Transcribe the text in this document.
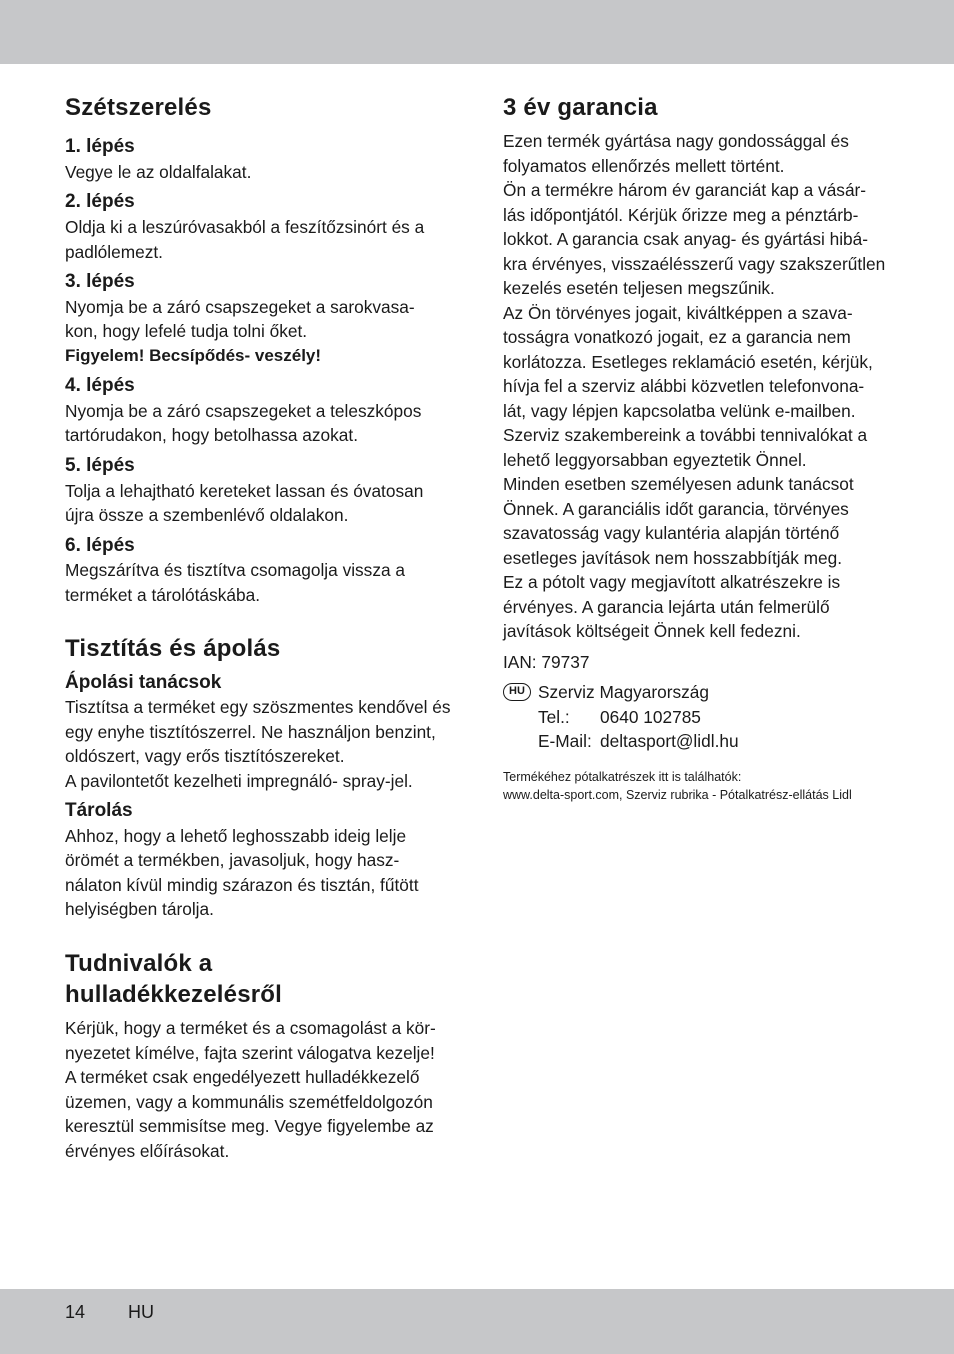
Szétszerelés
1. lépés

Vegye le az oldalfalakat.

2. lépés

Oldja ki a leszúróvasakból a feszítőzsinórt és a

padlólemezt.

3. lépés

Nyomja be a záró csapszegeket a sarokvasa-

kon, hogy lefelé tudja tolni őket.

Figyelem! Becsípődés- veszély!

4. lépés

Nyomja be a záró csapszegeket a teleszkópos

tartórudakon, hogy betolhassa azokat.

5. lépés

Tolja a lehajtható kereteket lassan és óvatosan

újra össze a szembenlévő oldalakon.

6. lépés

Megszárítva és tisztítva csomagolja vissza a

terméket a tárolótáskába.

Tisztítás és ápolás
Ápolási tanácsok

Tisztítsa a terméket egy szöszmentes kendővel és

egy enyhe tisztítószerrel. Ne használjon benzint,

oldószert, vagy erős tisztítószereket.

A pavilontetőt kezelheti impregnáló- spray-jel.

Tárolás

Ahhoz, hogy a lehető leghosszabb ideig lelje

örömét a termékben, javasoljuk, hogy hasz-

nálaton kívül mindig szárazon és tisztán, fűtött

helyiségben tárolja.

Tudnivalók a
hulladékkezelésről

Kérjük, hogy a terméket és a csomagolást a kör-

nyezetet kímélve, fajta szerint válogatva kezelje!

A terméket csak engedélyezett hulladékkezelő

üzemen, vagy a kommunális szemétfeldolgozón

keresztül semmisítse meg. Vegye figyelembe az

érvényes előírásokat.

3 év garancia

Ezen termék gyártása nagy gondossággal és

folyamatos ellenőrzés mellett történt.

Ön a termékre három év garanciát kap a vásár-

lás időpontjától. Kérjük őrizze meg a pénztárb-

lokkot. A garancia csak anyag- és gyártási hibá-

kra érvényes, visszaélésszerű vagy szakszerűtlen

kezelés esetén teljesen megszűnik.

Az Ön törvényes jogait, kiváltképpen a szava-

tosságra vonatkozó jogait, ez a garancia nem

korlátozza. Esetleges reklamáció esetén, kérjük,

hívja fel a szerviz alábbi közvetlen telefonvona-

lát, vagy lépjen kapcsolatba velünk e-mailben.

Szerviz szakembereink a további tennivalókat a

lehető leggyorsabban egyeztetik Önnel.

Minden esetben személyesen adunk tanácsot

Önnek. A garanciális időt garancia, törvényes

szavatosság vagy kulantéria alapján történő

esetleges javítások nem hosszabbítják meg.

Ez a pótolt vagy megjavított alkatrészekre is

érvényes. A garancia lejárta után felmerülő

javítások költségeit Önnek kell fedezni.

IAN: 79737

HU Szerviz Magyarország

Tel.: 0640 102785

E-Mail: deltasport@lidl.hu

Termékéhez pótalkatrészek itt is találhatók:

www.delta-sport.com, Szerviz rubrika - Pótalkatrész-ellátás Lidl

14 HU
